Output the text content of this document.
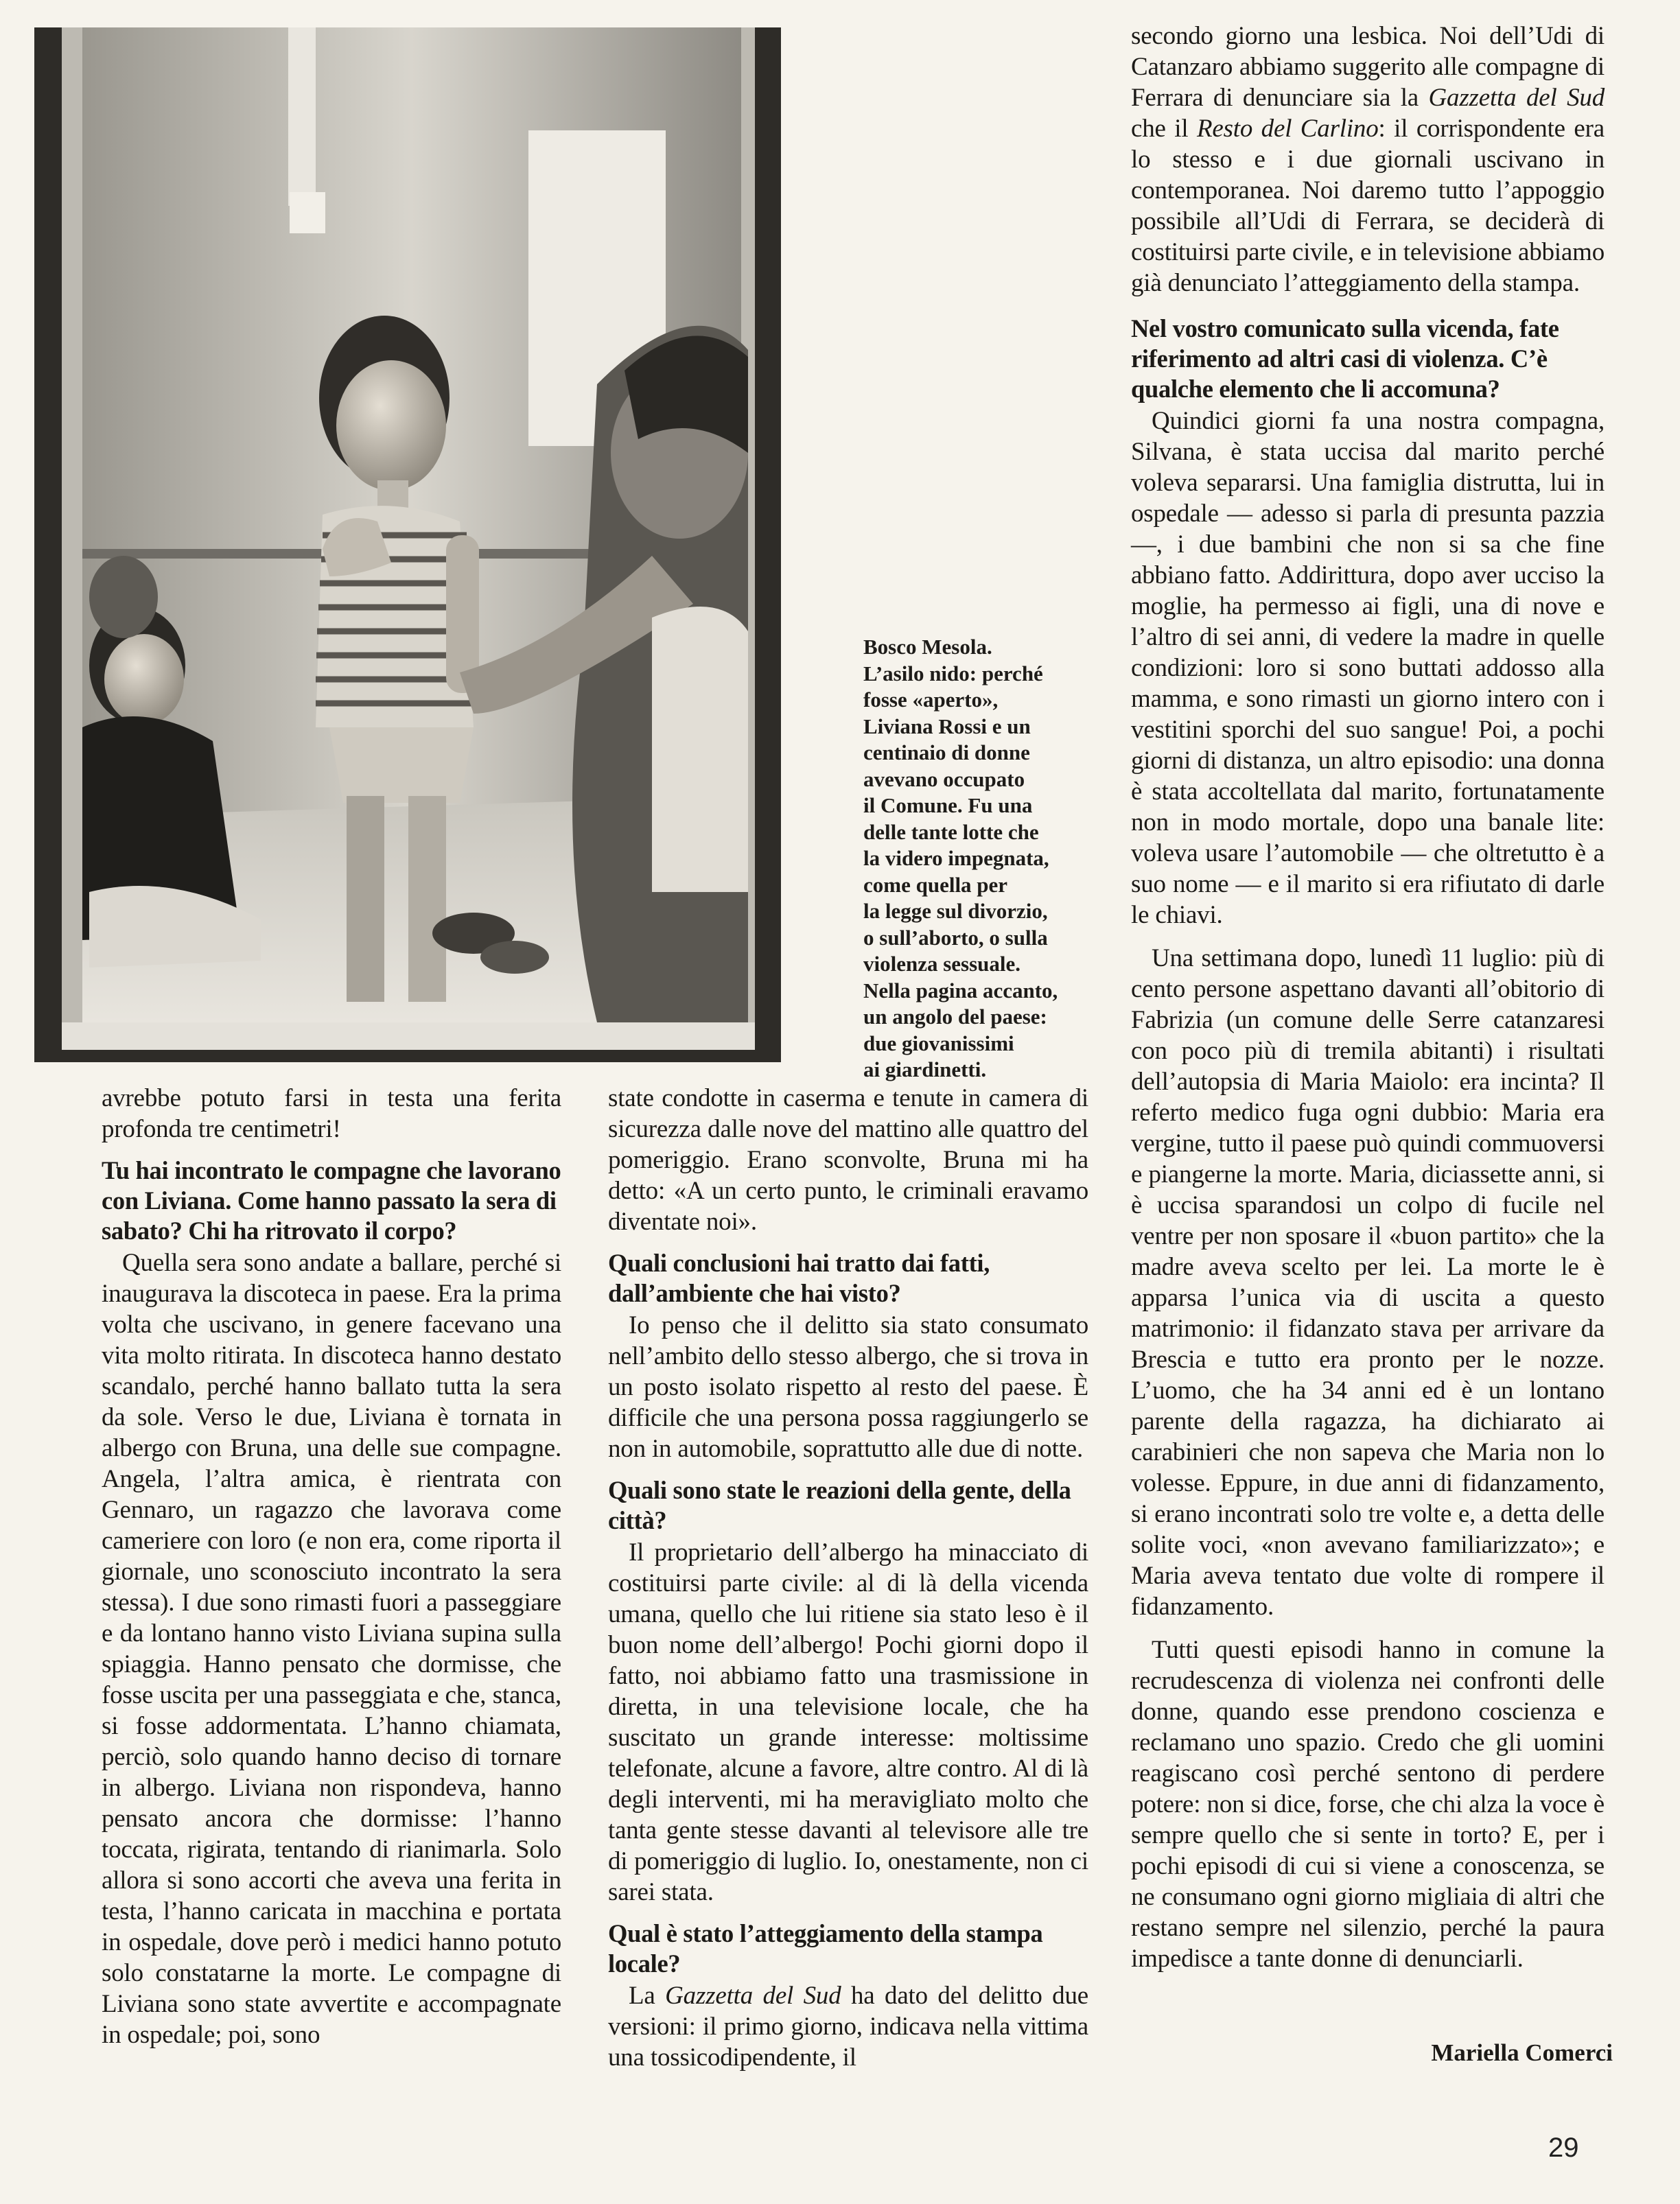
Bosco Mesola.
L’asilo nido: perché
fosse «aperto»,
Liviana Rossi e un
centinaio di donne
avevano occupato
il Comune. Fu una
delle tante lotte che
la videro impegnata,
come quella per
la legge sul divorzio,
o sull’aborto, o sulla
violenza sessuale.
Nella pagina accanto,
un angolo del paese:
due giovanissimi
ai giardinetti.

avrebbe potuto farsi in testa una ferita profonda tre centimetri!

Tu hai incontrato le compagne che lavorano con Liviana. Come hanno passato la sera di sabato? Chi ha ritrovato il corpo?

Quella sera sono andate a ballare, perché si inaugurava la discoteca in paese. Era la prima volta che uscivano, in genere facevano una vita molto ritirata. In discoteca hanno destato scandalo, perché hanno ballato tutta la sera da sole. Verso le due, Liviana è tornata in albergo con Bruna, una delle sue compagne. Angela, l’altra amica, è rientrata con Gennaro, un ragazzo che lavorava come cameriere con loro (e non era, come riporta il giornale, uno sconosciuto incontrato la sera stessa). I due sono rimasti fuori a passeggiare e da lontano hanno visto Liviana supina sulla spiaggia. Hanno pensato che dormisse, che fosse uscita per una passeggiata e che, stanca, si fosse addormentata. L’hanno chiamata, perciò, solo quando hanno deciso di tornare in albergo. Liviana non rispondeva, hanno pensato ancora che dormisse: l’hanno toccata, rigirata, tentando di rianimarla. Solo allora si sono accorti che aveva una ferita in testa, l’hanno caricata in macchina e portata in ospedale, dove però i medici hanno potuto solo constatarne la morte. Le compagne di Liviana sono state avvertite e accompagnate in ospedale; poi, sono

state condotte in caserma e tenute in camera di sicurezza dalle nove del mattino alle quattro del pomeriggio. Erano sconvolte, Bruna mi ha detto: «A un certo punto, le criminali eravamo diventate noi».

Quali conclusioni hai tratto dai fatti, dall’ambiente che hai visto?

Io penso che il delitto sia stato consumato nell’ambito dello stesso albergo, che si trova in un posto isolato rispetto al resto del paese. È difficile che una persona possa raggiungerlo se non in automobile, soprattutto alle due di notte.

Quali sono state le reazioni della gente, della città?

Il proprietario dell’albergo ha minacciato di costituirsi parte civile: al di là della vicenda umana, quello che lui ritiene sia stato leso è il buon nome dell’albergo! Pochi giorni dopo il fatto, noi abbiamo fatto una trasmissione in diretta, in una televisione locale, che ha suscitato un grande interesse: moltissime telefonate, alcune a favore, altre contro. Al di là degli interventi, mi ha meravigliato molto che tanta gente stesse davanti al televisore alle tre di pomeriggio di luglio. Io, onestamente, non ci sarei stata.

Qual è stato l’atteggiamento della stampa locale?

La Gazzetta del Sud ha dato del delitto due versioni: il primo giorno, indicava nella vittima una tossicodipendente, il

secondo giorno una lesbica. Noi dell’Udi di Catanzaro abbiamo suggerito alle compagne di Ferrara di denunciare sia la Gazzetta del Sud che il Resto del Carlino: il corrispondente era lo stesso e i due giornali uscivano in contemporanea. Noi daremo tutto l’appoggio possibile all’Udi di Ferrara, se deciderà di costituirsi parte civile, e in televisione abbiamo già denunciato l’atteggiamento della stampa.

Nel vostro comunicato sulla vicenda, fate riferimento ad altri casi di violenza. C’è qualche elemento che li accomuna?

Quindici giorni fa una nostra compagna, Silvana, è stata uccisa dal marito perché voleva separarsi. Una famiglia distrutta, lui in ospedale — adesso si parla di presunta pazzia —, i due bambini che non si sa che fine abbiano fatto. Addirittura, dopo aver ucciso la moglie, ha permesso ai figli, una di nove e l’altro di sei anni, di vedere la madre in quelle condizioni: loro si sono buttati addosso alla mamma, e sono rimasti un giorno intero con i vestitini sporchi del suo sangue! Poi, a pochi giorni di distanza, un altro episodio: una donna è stata accoltellata dal marito, fortunatamente non in modo mortale, dopo una banale lite: voleva usare l’automobile — che oltretutto è a suo nome — e il marito si era rifiutato di darle le chiavi.

Una settimana dopo, lunedì 11 luglio: più di cento persone aspettano davanti all’obitorio di Fabrizia (un comune delle Serre catanzaresi con poco più di tremila abitanti) i risultati dell’autopsia di Maria Maiolo: era incinta? Il referto medico fuga ogni dubbio: Maria era vergine, tutto il paese può quindi commuoversi e piangerne la morte. Maria, diciassette anni, si è uccisa sparandosi un colpo di fucile nel ventre per non sposare il «buon partito» che la madre aveva scelto per lei. La morte le è apparsa l’unica via di uscita a questo matrimonio: il fidanzato stava per arrivare da Brescia e tutto era pronto per le nozze. L’uomo, che ha 34 anni ed è un lontano parente della ragazza, ha dichiarato ai carabinieri che non sapeva che Maria non lo volesse. Eppure, in due anni di fidanzamento, si erano incontrati solo tre volte e, a detta delle solite voci, «non avevano familiarizzato»; e Maria aveva tentato due volte di rompere il fidanzamento.

Tutti questi episodi hanno in comune la recrudescenza di violenza nei confronti delle donne, quando esse prendono coscienza e reclamano uno spazio. Credo che gli uomini reagiscano così perché sentono di perdere potere: non si dice, forse, che chi alza la voce è sempre quello che si sente in torto? E, per i pochi episodi di cui si viene a conoscenza, se ne consumano ogni giorno migliaia di altri che restano sempre nel silenzio, perché la paura impedisce a tante donne di denunciarli.

Mariella Comerci
29
